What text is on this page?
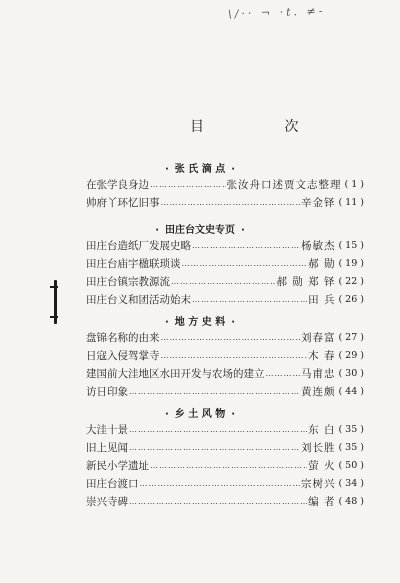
\/·· ¬ ·t. ≠-
目 次
· 张 氏 滴 点 ·
在张学良身边 ……………………………………………………………………………………………………………………………	张汝舟口述贾文志整理 ( 1 )
帅府丫环忆旧事 ……………………………………………………………………………………………………………………………	辛金铎 ( 11 )
· 田庄台文史专页 ·
田庄台造纸厂发展史略 ……………………………………………………………………………………………………………………………	杨敏杰 ( 15 )
田庄台庙宇楹联琐谈 ……………………………………………………………………………………………………………………………	郝 勋 ( 19 )
田庄台镇宗教源流 ……………………………………………………………………………………………………………………………	郝 勋 郑 铎 ( 22 )
田庄台义和团活动始末 ……………………………………………………………………………………………………………………………	田 兵 ( 26 )
· 地 方 史 料 ·
盘锦名称的由来 ……………………………………………………………………………………………………………………………	刘春富 ( 27 )
日寇入侵驾掌寺 ……………………………………………………………………………………………………………………………	木 春 ( 29 )
建国前大洼地区水田开发与农场的建立 ……………………………………………………………………………………………………………………………	马甫忠 ( 30 )
访日印象 ……………………………………………………………………………………………………………………………	黄连颇 ( 44 )
· 乡 土 风 物 ·
大洼十景 ……………………………………………………………………………………………………………………………	东 白 ( 35 )
旧上见闻 ……………………………………………………………………………………………………………………………	刘长胜 ( 35 )
新民小学遗址 ……………………………………………………………………………………………………………………………	萤 火 ( 50 )
田庄台渡口 ……………………………………………………………………………………………………………………………	宗树兴 ( 34 )
崇兴寺碑 ……………………………………………………………………………………………………………………………	编 者 ( 48 )
